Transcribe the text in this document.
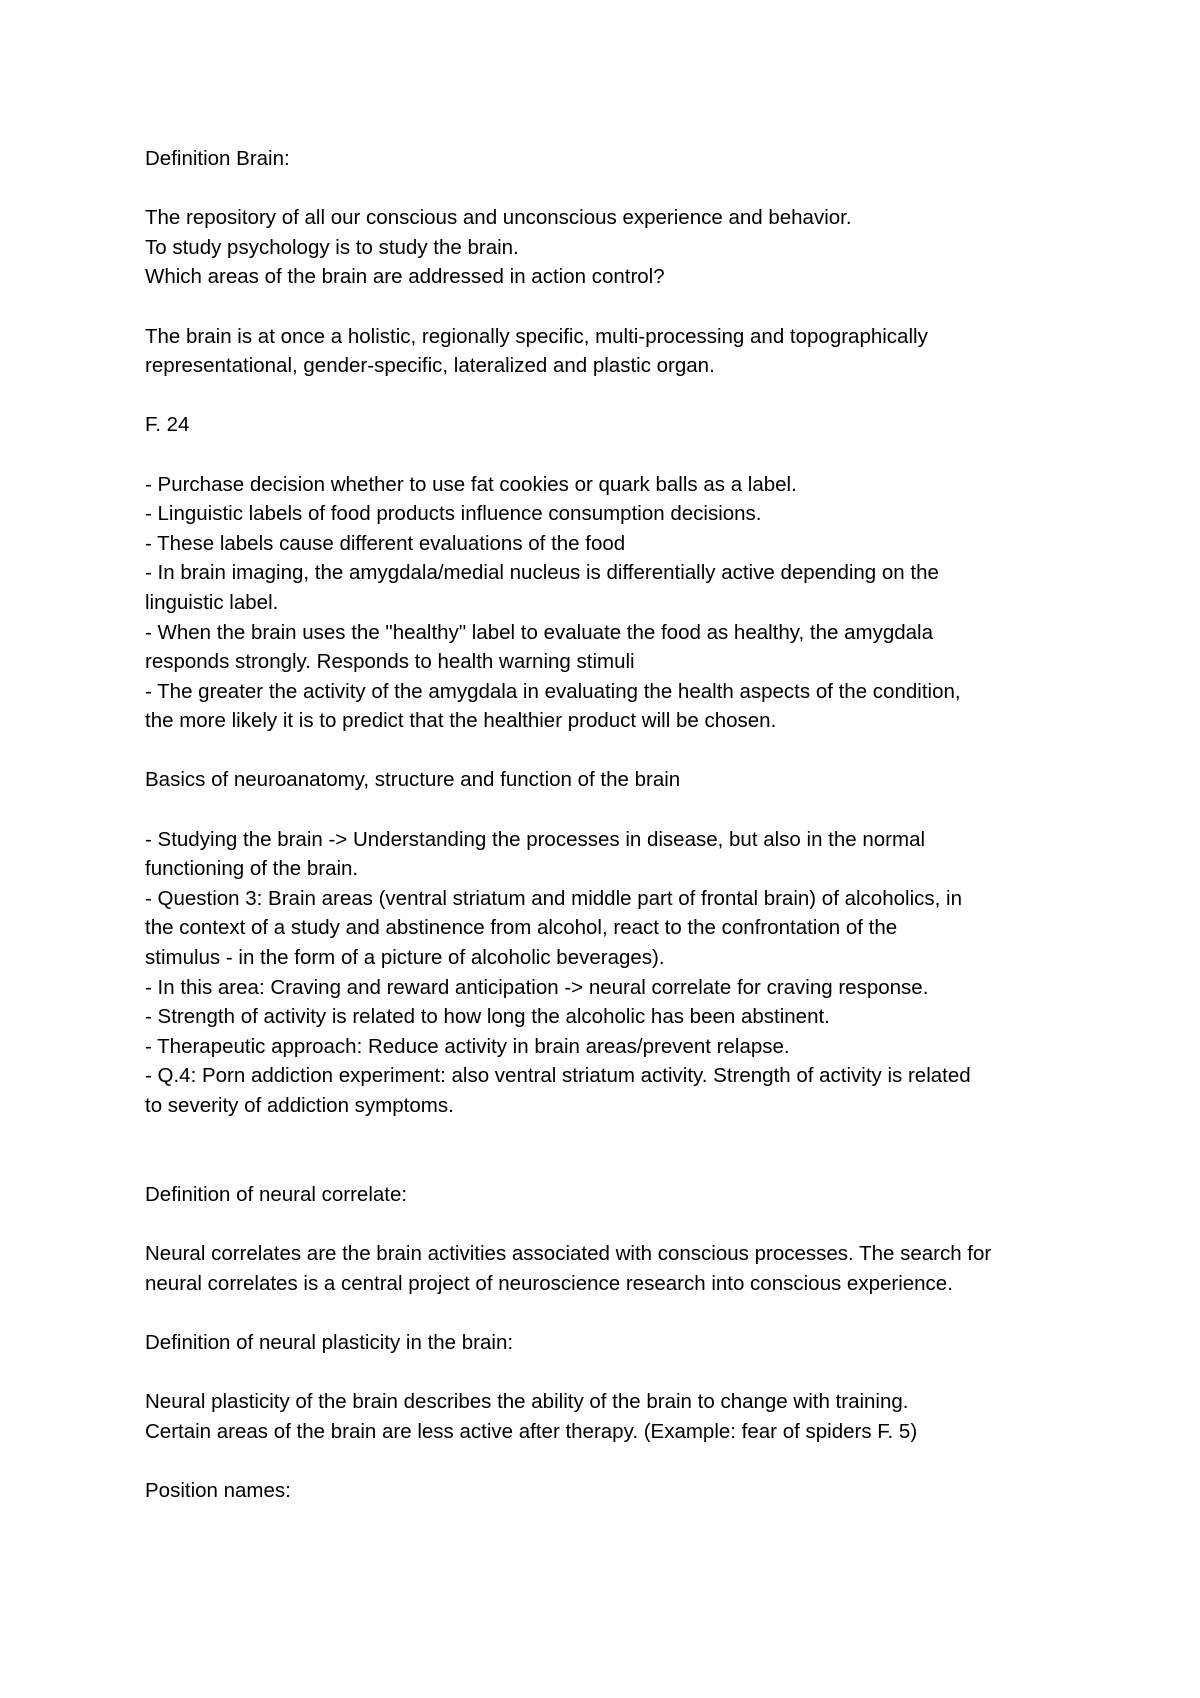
Definition Brain:

The repository of all our conscious and unconscious experience and behavior.
To study psychology is to study the brain.
Which areas of the brain are addressed in action control?

The brain is at once a holistic, regionally specific, multi-processing and topographically
representational, gender-specific, lateralized and plastic organ.

F. 24

- Purchase decision whether to use fat cookies or quark balls as a label.
- Linguistic labels of food products influence consumption decisions.
- These labels cause different evaluations of the food
- In brain imaging, the amygdala/medial nucleus is differentially active depending on the
linguistic label.
- When the brain uses the "healthy" label to evaluate the food as healthy, the amygdala
responds strongly. Responds to health warning stimuli
- The greater the activity of the amygdala in evaluating the health aspects of the condition,
the more likely it is to predict that the healthier product will be chosen.

Basics of neuroanatomy, structure and function of the brain

- Studying the brain -> Understanding the processes in disease, but also in the normal
functioning of the brain.
- Question 3: Brain areas (ventral striatum and middle part of frontal brain) of alcoholics, in
the context of a study and abstinence from alcohol, react to the confrontation of the
stimulus - in the form of a picture of alcoholic beverages).
- In this area: Craving and reward anticipation -> neural correlate for craving response.
- Strength of activity is related to how long the alcoholic has been abstinent.
- Therapeutic approach: Reduce activity in brain areas/prevent relapse.
- Q.4: Porn addiction experiment: also ventral striatum activity. Strength of activity is related
to severity of addiction symptoms.

Definition of neural correlate:

Neural correlates are the brain activities associated with conscious processes. The search for
neural correlates is a central project of neuroscience research into conscious experience.

Definition of neural plasticity in the brain:

Neural plasticity of the brain describes the ability of the brain to change with training.
Certain areas of the brain are less active after therapy. (Example: fear of spiders F. 5)

Position names:
